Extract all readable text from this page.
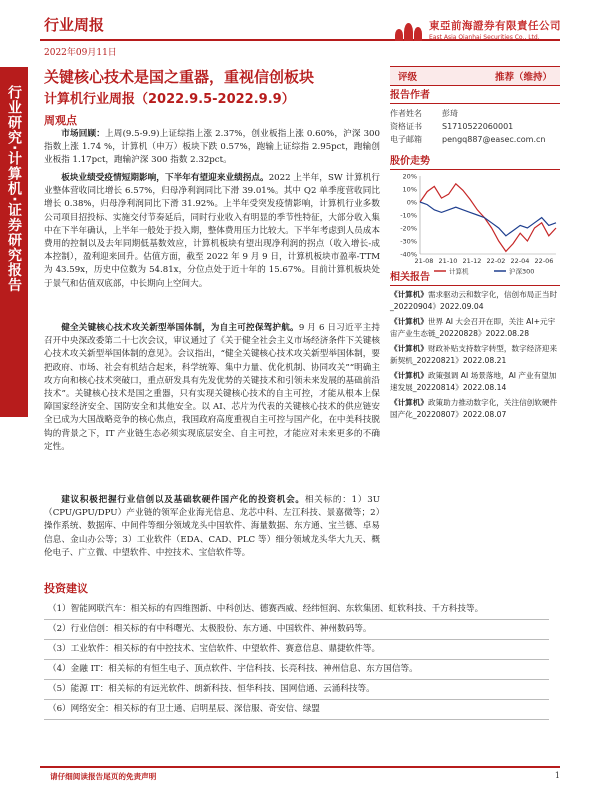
行业周报
2022年09月11日
東亞前海證券有限責任公司
East Asia Qianhai Securities Co., Ltd.
行业研究·计算机·证券研究报告
关键核心技术是国之重器，重视信创板块
计算机行业周报（2022.9.5-2022.9.9）
周观点

市场回顾：上周(9.5-9.9)上证综指上涨 2.37%，创业板指上涨 0.60%，沪深 300 指数上涨 1.74 %，计算机（申万）板块下跌 0.57%，跑输上证综指 2.95pct，跑输创业板指 1.17pct，跑输沪深 300 指数 2.32pct。

板块业绩受疫情短期影响，下半年有望迎来业绩拐点。2022 上半年，SW 计算机行业整体营收同比增长 6.57%，归母净利润同比下滑 39.01%。其中 Q2 单季度营收同比增长 0.38%，归母净利润同比下滑 31.92%。上半年受突发疫情影响，计算机行业多数公司项目招投标、实施交付节奏延后，同时行业收入有明显的季节性特征，大部分收入集中在下半年确认，上半年一般处于投入期，整体费用压力比较大。下半年考虑到人员成本费用的控制以及去年同期低基数效应，计算机板块有望出现净利润的拐点（收入增长-成本控制），盈利迎来回升。估值方面，截至 2022 年 9 月 9 日，计算机板块市盈率-TTM 为 43.59x，历史中位数为 54.81x，分位点处于近十年的 15.67%。目前计算机板块处于景气和估值双底部，中长期向上空间大。

健全关键核心技术攻关新型举国体制，为自主可控保驾护航。9 月 6 日习近平主持召开中央深改委第二十七次会议，审议通过了《关于健全社会主义市场经济条件下关键核心技术攻关新型举国体制的意见》。会议指出，“健全关键核心技术攻关新型举国体制，要把政府、市场、社会有机结合起来，科学统筹、集中力量、优化机制、协同攻关”“明确主攻方向和核心技术突破口，重点研发具有先发优势的关键技术和引领未来发展的基础前沿技术”。关键核心技术是国之重器，只有实现关键核心技术的自主可控，才能从根本上保障国家经济安全、国防安全和其他安全。以 AI、芯片为代表的关键核心技术的供应链安全已成为大国战略竞争的核心焦点，我国政府高度重视自主可控与国产化，在中美科技脱钩的背景之下，IT 产业链生态必须实现底层安全、自主可控，才能应对未来更多的不确定性。

建议积极把握行业信创以及基础软硬件国产化的投资机会。相关标的：1）3U（CPU/GPU/DPU）产业链的领军企业海光信息、龙芯中科、左江科技、景嘉微等；2）操作系统、数据库、中间件等细分领域龙头中国软件、海量数据、东方通、宝兰德、卓易信息、金山办公等；3）工业软件（EDA、CAD、PLC 等）细分领域龙头华大九天、概伦电子、广立微、中望软件、中控技术、宝信软件等。

投资建议
（1）智能网联汽车：相关标的有四维图新、中科创达、德赛西威、经纬恒润、东软集团、虹软科技、千方科技等。
（2）行业信创：相关标的有中科曙光、太极股份、东方通、中国软件、神州数码等。
（3）工业软件：相关标的有中控技术、宝信软件、中望软件、赛意信息、鼎捷软件等。
（4）金融 IT：相关标的有恒生电子、顶点软件、宇信科技、长亮科技、神州信息、东方国信等。
（5）能源 IT：相关标的有远光软件、朗新科技、恒华科技、国网信通、云涌科技等。
（6）网络安全：相关标的有卫士通、启明星辰、深信服、奇安信、绿盟
评级	推荐（维持）
报告作者
作者姓名	彭琦
资格证书	S1710522060001
电子邮箱	pengq887@easec.com.cn
股价走势
20%
10%
0%
-10%
-20%
-30%
-40%
21-08 21-10 21-12 22-02 22-04 22-06
计算机	沪深300
相关报告
《计算机》需求驱动云和数字化，信创布局正当时_20220904》2022.09.04
《计算机》世界 AI 大会召开在即，关注 AI+元宇宙产业生态链_20220828》2022.08.28
《计算机》财政补贴支持数字转型，数字经济迎来新契机_20220821》2022.08.21
《计算机》政策强调 AI 场景落地，AI 产业有望加速发展_20220814》2022.08.14
《计算机》政策助力推动数字化，关注信创软硬件国产化_20220807》2022.08.07
请仔细阅读报告尾页的免责声明	1
